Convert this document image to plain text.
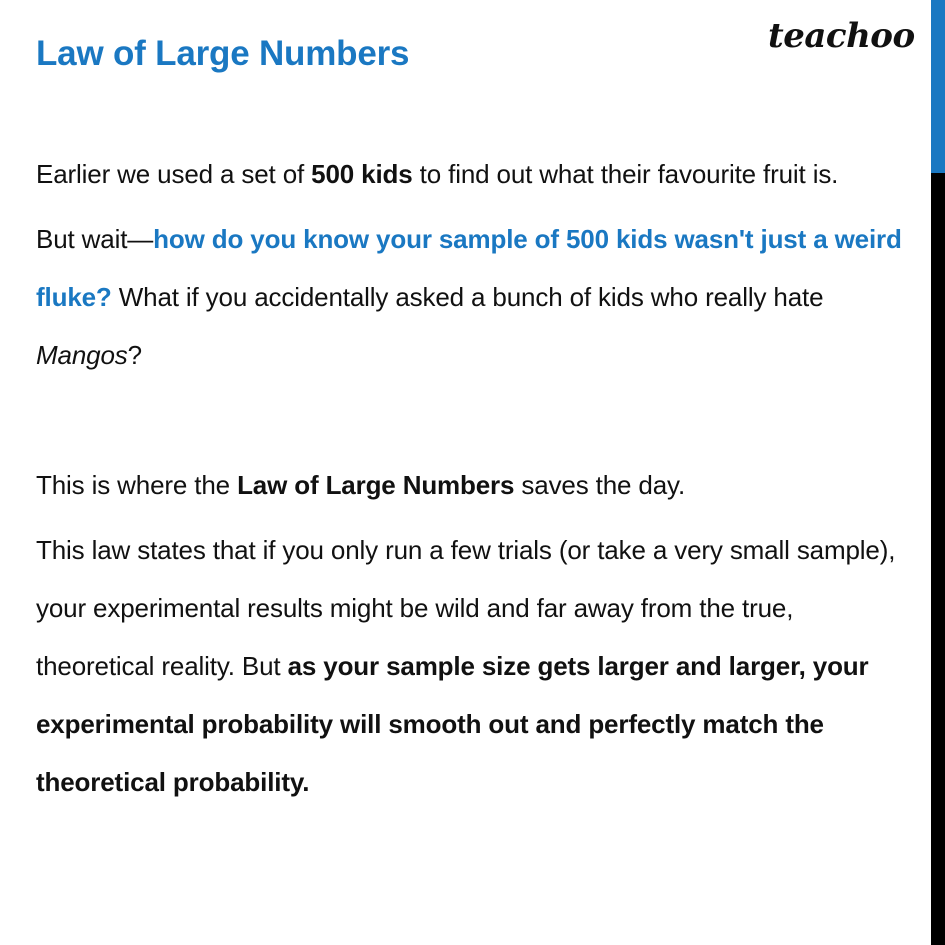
Law of Large Numbers	teachoo

Earlier we used a set of 500 kids to find out what their favourite fruit is.

But wait—how do you know your sample of 500 kids wasn't just a weird fluke? What if you accidentally asked a bunch of kids who really hate Mangos?

This is where the Law of Large Numbers saves the day.

This law states that if you only run a few trials (or take a very small sample), your experimental results might be wild and far away from the true, theoretical reality. But as your sample size gets larger and larger, your experimental probability will smooth out and perfectly match the theoretical probability.
